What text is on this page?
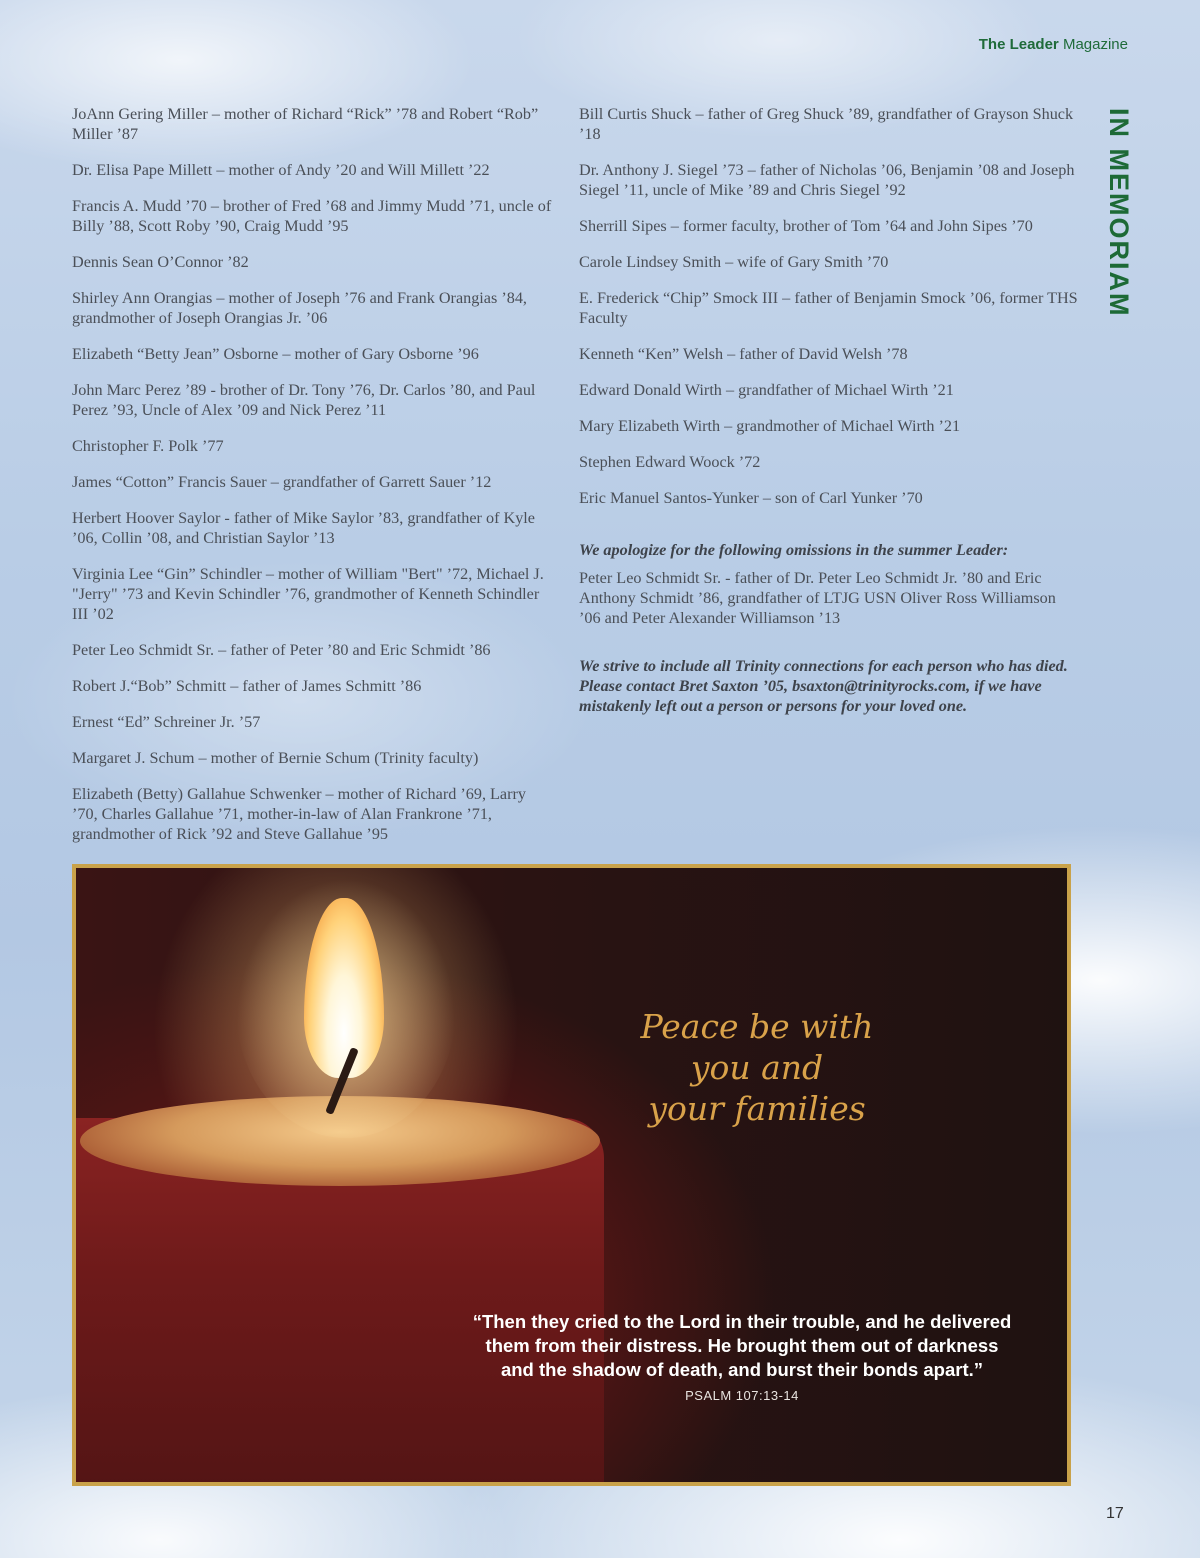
The Leader Magazine
IN MEMORIAM
JoAnn Gering Miller – mother of Richard “Rick” ’78 and Robert “Rob” Miller ’87
Dr. Elisa Pape Millett – mother of Andy ’20 and Will Millett ’22
Francis A. Mudd ’70 – brother of Fred ’68 and Jimmy Mudd ’71, uncle of Billy ’88, Scott Roby ’90, Craig Mudd ’95
Dennis Sean O’Connor ’82
Shirley Ann Orangias – mother of Joseph ’76 and Frank Orangias ’84, grandmother of Joseph Orangias Jr. ’06
Elizabeth “Betty Jean” Osborne – mother of Gary Osborne ’96
John Marc Perez ’89 - brother of Dr. Tony ’76, Dr. Carlos ’80, and Paul Perez ’93, Uncle of Alex ’09 and Nick Perez ’11
Christopher F. Polk ’77
James “Cotton” Francis Sauer – grandfather of Garrett Sauer ’12
Herbert Hoover Saylor - father of Mike Saylor ’83, grandfather of Kyle ’06, Collin ’08, and Christian Saylor ’13
Virginia Lee “Gin” Schindler – mother of William "Bert" ’72, Michael J. "Jerry" ’73 and Kevin Schindler ’76, grandmother of Kenneth Schindler III ’02
Peter Leo Schmidt Sr. – father of Peter ’80 and Eric Schmidt ’86
Robert J.“Bob” Schmitt – father of James Schmitt ’86
Ernest “Ed” Schreiner Jr. ’57
Margaret J. Schum – mother of Bernie Schum (Trinity faculty)
Elizabeth (Betty) Gallahue Schwenker – mother of Richard ’69, Larry ’70, Charles Gallahue ’71, mother-in-law of Alan Frankrone ’71, grandmother of Rick ’92 and Steve Gallahue ’95
Bill Curtis Shuck – father of Greg Shuck ’89, grandfather of Grayson Shuck ’18
Dr. Anthony J. Siegel ’73 – father of Nicholas ’06, Benjamin ’08 and Joseph Siegel ’11, uncle of Mike ’89 and Chris Siegel ’92
Sherrill Sipes – former faculty, brother of Tom ’64 and John Sipes ’70
Carole Lindsey Smith – wife of Gary Smith ’70
E. Frederick “Chip” Smock III – father of Benjamin Smock ’06, former THS Faculty
Kenneth “Ken” Welsh – father of David Welsh ’78
Edward Donald Wirth – grandfather of Michael Wirth ’21
Mary Elizabeth Wirth – grandmother of Michael Wirth ’21
Stephen Edward Woock ’72
Eric Manuel Santos-Yunker – son of Carl Yunker ’70
We apologize for the following omissions in the summer Leader:
Peter Leo Schmidt Sr. - father of Dr. Peter Leo Schmidt Jr. ’80 and Eric Anthony Schmidt ’86, grandfather of LTJG USN Oliver Ross Williamson ’06 and Peter Alexander Williamson ’13
We strive to include all Trinity connections for each person who has died. Please contact Bret Saxton ’05, bsaxton@trinityrocks.com, if we have mistakenly left out a person or persons for your loved one.
Peace be with
you and
your families
“Then they cried to the Lord in their trouble, and he delivered them from their distress. He brought them out of darkness and the shadow of death, and burst their bonds apart.”
PSALM 107:13-14
17
